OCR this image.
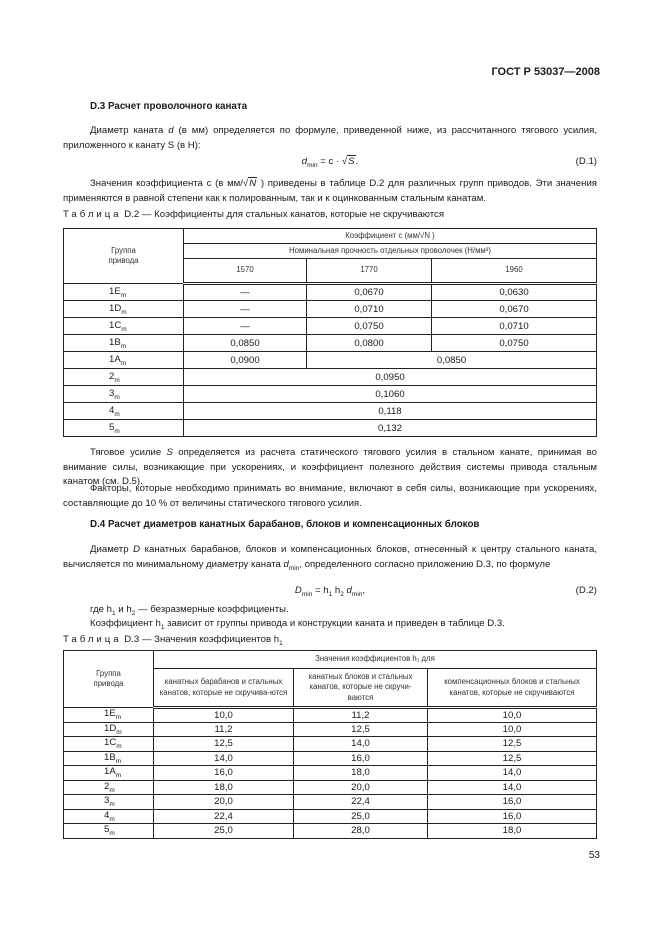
ГОСТ Р 53037—2008
D.3 Расчет проволочного каната
Диаметр каната d (в мм) определяется по формуле, приведенной ниже, из рассчитанного тягового усилия, приложенного к канату S (в Н):
$d_{min} = c \cdot √S$.	(D.1)
Значения коэффициента c (в мм/√N ) приведены в таблице D.2 для различных групп приводов. Эти значения применяются в равной степени как к полированным, так и к оцинкованным стальным канатам.
Таблица D.2 — Коэффициенты для стальных канатов, которые не скручиваются
Группа привода	Коэффициент c (мм/√N )		
	Номинальная прочность отдельных проволочек (Н/мм²)		
	1570	1770	1960
$1E_m$	—	0,0670	0,0630
$1D_m$	—	0,0710	0,0670
$1C_m$	—	0,0750	0,0710
$1B_m$	0,0850	0,0800	0,0750
$1A_m$	0,0900	0,0850	
$2_m$	0,0950		
$3_m$	0,1060		
$4_m$	0,118		
$5_m$	0,132		
Тяговое усилие S определяется из расчета статического тягового усилия в стальном канате, принимая во внимание силы, возникающие при ускорениях, и коэффициент полезного действия системы привода стальным канатом (см. D.5).
Факторы, которые необходимо принимать во внимание, включают в себя силы, возникающие при ускорениях, составляющие до 10 % от величины статического тягового усилия.
D.4 Расчет диаметров канатных барабанов, блоков и компенсационных блоков
Диаметр D канатных барабанов, блоков и компенсационных блоков, отнесенный к центру стального каната, вычисляется по минимальному диаметру каната $d_{min}$, определенного согласно приложению D.3, по формуле
$D_{min} = h_1$ $h_2$ $d_{min}$,	(D.2)
где $h_1$ и $h_2$ — безразмерные коэффициенты.
Коэффициент $h_1$ зависит от группы привода и конструкции каната и приведен в таблице D.3.
Таблица D.3 — Значения коэффициентов $h_1$
Группа привода	Значения коэффициентов h₁ для		
	канатных барабанов и стальных канатов, которые не скручива-ются	канатных блоков и стальных канатов, которые не скручи-ваются	компенсационных блоков и стальных канатов, которые не скручиваются
$1E_m$	10,0	11,2	10,0
$1D_m$	11,2	12,5	10,0
$1C_m$	12,5	14,0	12,5
$1B_m$	14,0	16,0	12,5
$1A_m$	16,0	18,0	14,0
$2_m$	18,0	20,0	14,0
$3_m$	20,0	22,4	16,0
$4_m$	22,4	25,0	16,0
$5_m$	25,0	28,0	18,0
53
